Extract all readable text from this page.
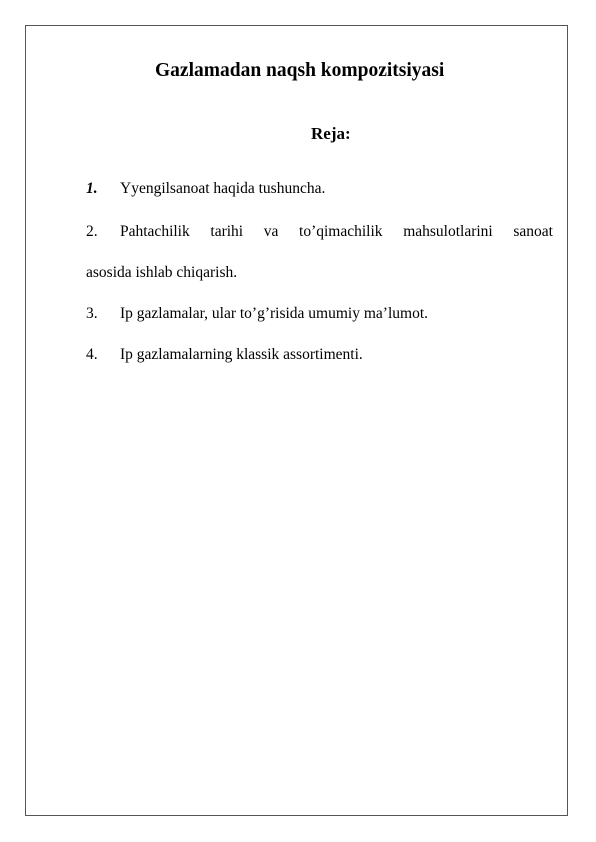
Gazlamadan naqsh kompozitsiyasi
Reja:
1. Yyengilsanoat haqida tushuncha.
2. Pahtachilik tarihi va to’qimachilik mahsulotlarini sanoat
asosida ishlab chiqarish.
3. Ip gazlamalar, ular to’g’risida umumiy ma’lumot.
4. Ip gazlamalarning klassik assortimenti.
